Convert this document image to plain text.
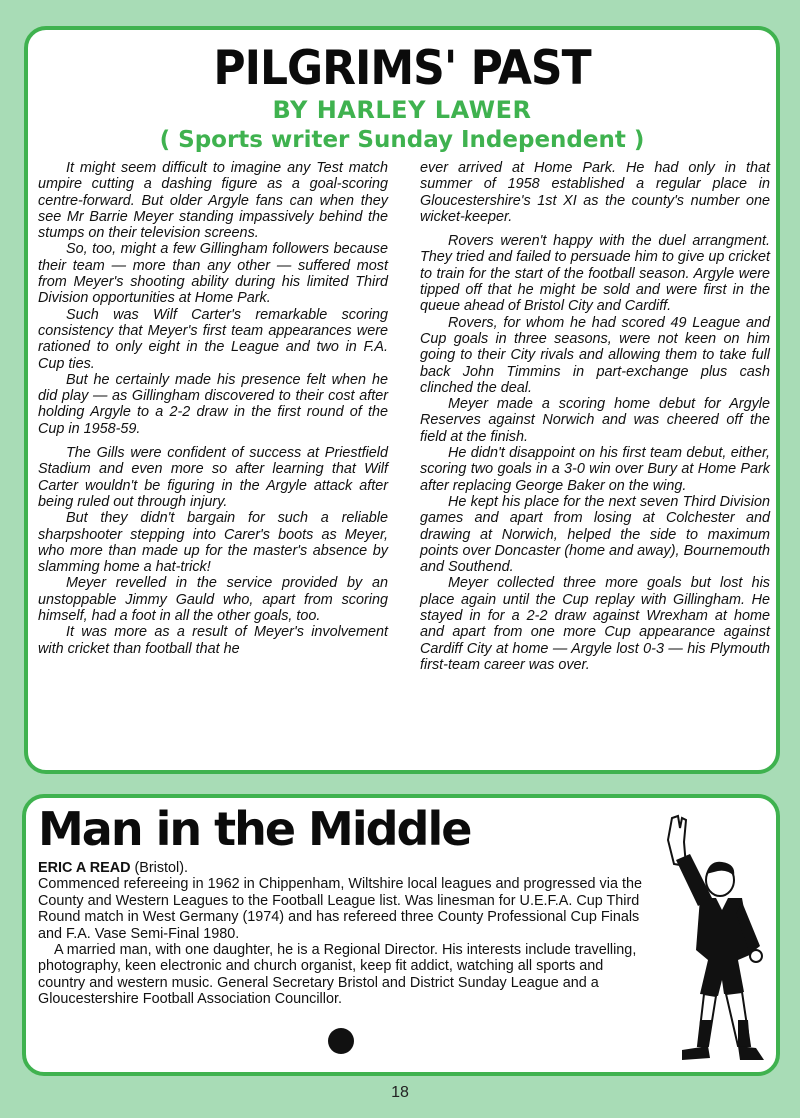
PILGRIMS' PAST
BY HARLEY LAWER
( Sports writer Sunday Independent )

It might seem difficult to imagine any Test match umpire cutting a dashing figure as a goal-scoring centre-forward. But older Argyle fans can when they see Mr Barrie Meyer standing impassively behind the stumps on their television screens.

So, too, might a few Gillingham followers because their team — more than any other — suffered most from Meyer's shooting ability during his limited Third Division opportunities at Home Park.

Such was Wilf Carter's remarkable scoring consistency that Meyer's first team appearances were rationed to only eight in the League and two in F.A. Cup ties.

But he certainly made his presence felt when he did play — as Gillingham discovered to their cost after holding Argyle to a 2-2 draw in the first round of the Cup in 1958-59.

The Gills were confident of success at Priestfield Stadium and even more so after learning that Wilf Carter wouldn't be figuring in the Argyle attack after being ruled out through injury.

But they didn't bargain for such a reliable sharpshooter stepping into Carer's boots as Meyer, who more than made up for the master's absence by slamming home a hat-trick!

Meyer revelled in the service provided by an unstoppable Jimmy Gauld who, apart from scoring himself, had a foot in all the other goals, too.

It was more as a result of Meyer's involvement with cricket than football that he

ever arrived at Home Park. He had only in that summer of 1958 established a regular place in Gloucestershire's 1st XI as the county's number one wicket-keeper.

Rovers weren't happy with the duel arrangment. They tried and failed to persuade him to give up cricket to train for the start of the football season. Argyle were tipped off that he might be sold and were first in the queue ahead of Bristol City and Cardiff.

Rovers, for whom he had scored 49 League and Cup goals in three seasons, were not keen on him going to their City rivals and allowing them to take full back John Timmins in part-exchange plus cash clinched the deal.

Meyer made a scoring home debut for Argyle Reserves against Norwich and was cheered off the field at the finish.

He didn't disappoint on his first team debut, either, scoring two goals in a 3-0 win over Bury at Home Park after replacing George Baker on the wing.

He kept his place for the next seven Third Division games and apart from losing at Colchester and drawing at Norwich, helped the side to maximum points over Doncaster (home and away), Bournemouth and Southend.

Meyer collected three more goals but lost his place again until the Cup replay with Gillingham. He stayed in for a 2-2 draw against Wrexham at home and apart from one more Cup appearance against Cardiff City at home — Argyle lost 0-3 — his Plymouth first-team career was over.

Man in the Middle

ERIC A READ (Bristol).

Commenced refereeing in 1962 in Chippenham, Wiltshire local leagues and progressed via the County and Western Leagues to the Football League list. Was linesman for U.E.F.A. Cup Third Round match in West Germany (1974) and has refereed three County Professional Cup Finals and F.A. Vase Semi-Final 1980.

A married man, with one daughter, he is a Regional Director. His interests include travelling, photography, keen electronic and church organist, keep fit addict, watching all sports and country and western music. General Secretary Bristol and District Sunday League and a Gloucestershire Football Association Councillor.

18
